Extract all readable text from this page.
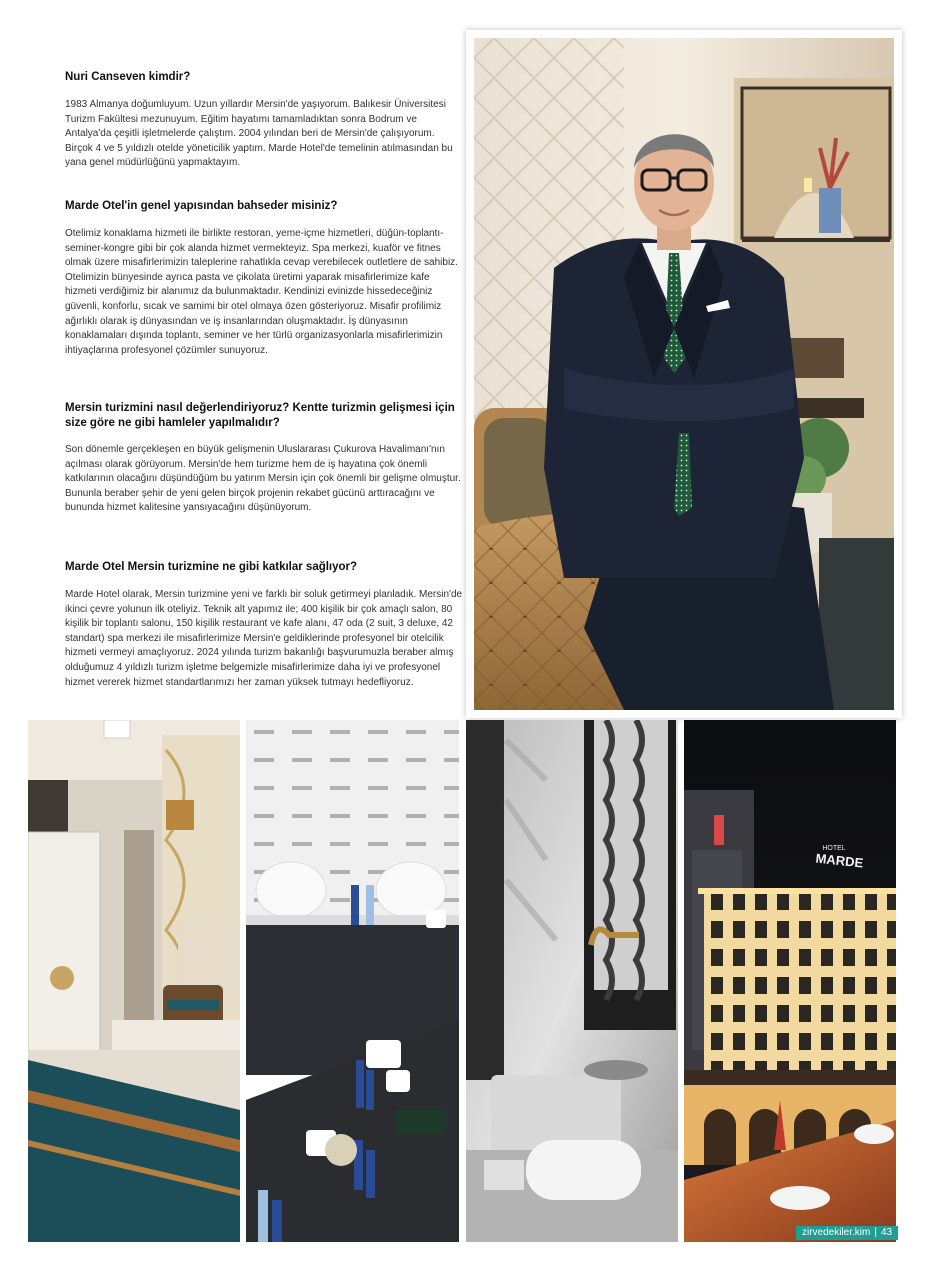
Nuri Canseven kimdir?

1983 Almanya doğumluyum. Uzun yıllardır Mersin'de yaşıyorum. Balıkesir Üniversitesi Turizm Fakültesi mezunuyum. Eğitim hayatımı tamamladıktan sonra Bodrum ve Antalya'da çeşitli işletmelerde çalıştım. 2004 yılından beri de Mersin'de çalışıyorum. Birçok 4 ve 5 yıldızlı otelde yöneticilik yaptım. Marde Hotel'de temelinin atılmasından bu yana genel müdürlüğünü yapmaktayım.

Marde Otel'in genel yapısından bahseder misiniz?

Otelimiz konaklama hizmeti ile birlikte restoran, yeme-içme hizmetleri, düğün-toplantı-seminer-kongre gibi bir çok alanda hizmet vermekteyiz. Spa merkezi, kuaför ve fitnes olmak üzere misafirlerimizin taleplerine rahatlıkla cevap verebilecek outletlere de sahibiz. Otelimizin bünyesinde ayrıca pasta ve çikolata üretimi yaparak misafirlerimize kafe hizmeti verdiğimiz bir alanımız da bulunmaktadır. Kendinizi evinizde hissedeceğiniz güvenli, konforlu, sıcak ve samimi bir otel olmaya özen gösteriyoruz. Misafir profilimiz ağırlıklı olarak iş dünyasından ve iş insanlarından oluşmaktadır. İş dünyasının konaklamaları dışında toplantı, seminer ve her türlü organizasyonlarla misafirlerimizin ihtiyaçlarına profesyonel çözümler sunuyoruz.

Mersin turizmini nasıl değerlendiriyoruz? Kentte turizmin gelişmesi için size göre ne gibi hamleler yapılmalıdır?

Son dönemle gerçekleşen en büyük gelişmenin Uluslararası Çukurova Havalimanı'nın açılması olarak görüyorum. Mersin'de hem turizme hem de iş hayatına çok önemli katkılarının olacağını düşündüğüm bu yatırım Mersin için çok önemli bir gelişme olmuştur. Bununla beraber şehir de yeni gelen birçok projenin rekabet gücünü arttıracağını ve bununda hizmet kalitesine yansıyacağını düşünüyorum.

Marde Otel Mersin turizmine ne gibi katkılar sağlıyor?

Marde Hotel olarak, Mersin turizmine yeni ve farklı bir soluk getirmeyi planladık. Mersin'de ikinci çevre yolunun ilk oteliyiz. Teknik alt yapımız ile; 400 kişilik bir çok amaçlı salon, 80 kişilik bir toplantı salonu, 150 kişilik restaurant ve kafe alanı, 47 oda (2 suit, 3 deluxe, 42 standart) spa merkezi ile misafirlerimize Mersin'e geldiklerinde profesyonel bir otelcilik hizmeti vermeyi amaçlıyoruz. 2024 yılında turizm bakanlığı başvurumuzla beraber almış olduğumuz 4 yıldızlı turizm işletme belgemizle misafirlerimize daha iyi ve profesyonel hizmet vererek hizmet standartlarımızı her zaman yüksek tutmayı hedefliyoruz.

HOTEL
MARDE
zirvedekiler.kim | 43
